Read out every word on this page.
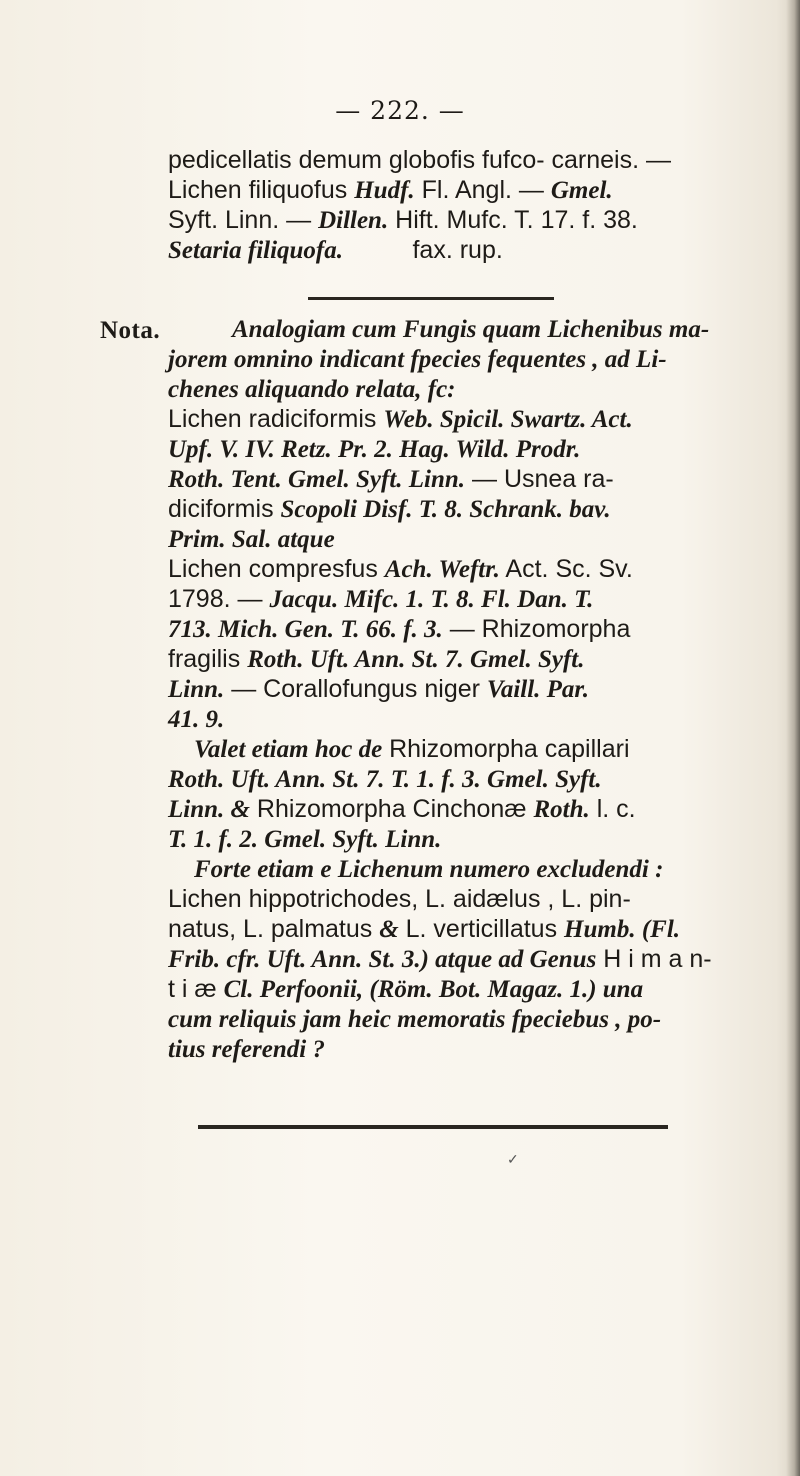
— 222. —
pedicellatis demum globofis fufco- carneis. —
Lichen filiquofus Hudf. Fl. Angl. — Gmel.
Syft. Linn. — Dillen. Hift. Mufc. T. 17. f. 38.
Setaria filiquofa.          fax. rup.
Nota.	Analogiam cum Fungis quam Lichenibus ma-
jorem omnino indicant fpecies fequentes , ad Li-
chenes aliquando relata, fc:
Lichen radiciformis Web. Spicil. Swartz. Act.
Upf. V. IV. Retz. Pr. 2. Hag. Wild. Prodr.
Roth. Tent. Gmel. Syft. Linn. — Usnea ra-
diciformis Scopoli Disf. T. 8. Schrank. bav.
Prim. Sal. atque
Lichen compresfus Ach. Weftr. Act. Sc. Sv.
1798. — Jacqu. Mifc. 1. T. 8. Fl. Dan. T.
713. Mich. Gen. T. 66. f. 3. — Rhizomorpha
fragilis Roth. Uft. Ann. St. 7. Gmel. Syft.
Linn. — Corallofungus niger Vaill. Par.
41. 9.
Valet etiam hoc de Rhizomorpha capillari
Roth. Uft. Ann. St. 7. T. 1. f. 3. Gmel. Syft.
Linn. & Rhizomorpha Cinchonæ Roth. l. c.
T. 1. f. 2. Gmel. Syft. Linn.
Forte etiam e Lichenum numero excludendi :
Lichen hippotrichodes, L. aidælus , L. pin-
natus, L. palmatus & L. verticillatus Humb. (Fl.
Frib. cfr. Uft. Ann. St. 3.) atque ad Genus H i m a n-
t i æ Cl. Perfoonii, (Röm. Bot. Magaz. 1.) una
cum reliquis jam heic memoratis fpeciebus , po-
tius referendi ?
✓
